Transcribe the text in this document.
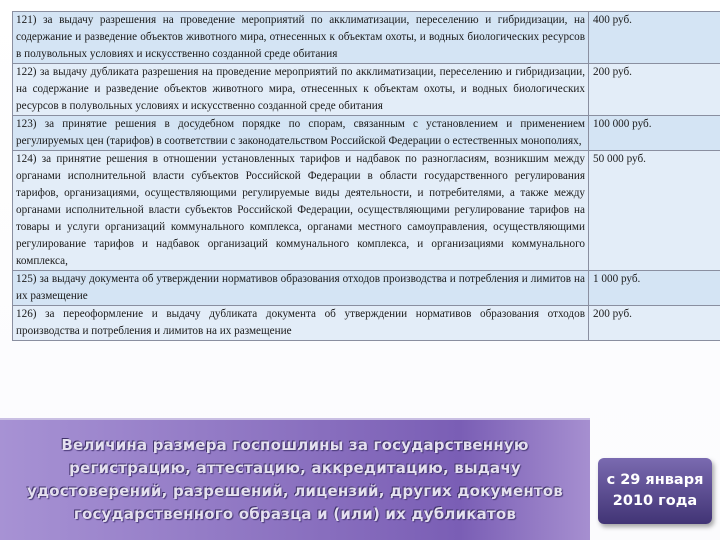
121) за выдачу разрешения на проведение мероприятий по акклиматизации, переселению и гибридизации, на содержание и разведение объектов животного мира, отнесенных к объектам охоты, и водных биологических ресурсов в полувольных условиях и искусственно созданной среде обитания	400 руб.
122) за выдачу дубликата разрешения на проведение мероприятий по акклиматизации, переселению и гибридизации, на содержание и разведение объектов животного мира, отнесенных к объектам охоты, и водных биологических ресурсов в полувольных условиях и искусственно созданной среде обитания	200 руб.
123) за принятие решения в досудебном порядке по спорам, связанным с установлением и применением регулируемых цен (тарифов) в соответствии с законодательством Российской Федерации о естественных монополиях,	100 000 руб.
124) за принятие решения в отношении установленных тарифов и надбавок по разногласиям, возникшим между органами исполнительной власти субъектов Российской Федерации в области государственного регулирования тарифов, организациями, осуществляющими регулируемые виды деятельности, и потребителями, а также между органами исполнительной власти субъектов Российской Федерации, осуществляющими регулирование тарифов на товары и услуги организаций коммунального комплекса, органами местного самоуправления, осуществляющими регулирование тарифов и надбавок организаций коммунального комплекса, и организациями коммунального комплекса,	50 000 руб.
125) за выдачу документа об утверждении нормативов образования отходов производства и потребления и лимитов на их размещение	1 000 руб.
126) за переоформление и выдачу дубликата документа об утверждении нормативов образования отходов производства и потребления и лимитов на их размещение	200 руб.

Величина размера госпошлины за государственную регистрацию, аттестацию, аккредитацию, выдачу удостоверений, разрешений, лицензий, других документов государственного образца и (или) их дубликатов

с 29 января
2010 года
